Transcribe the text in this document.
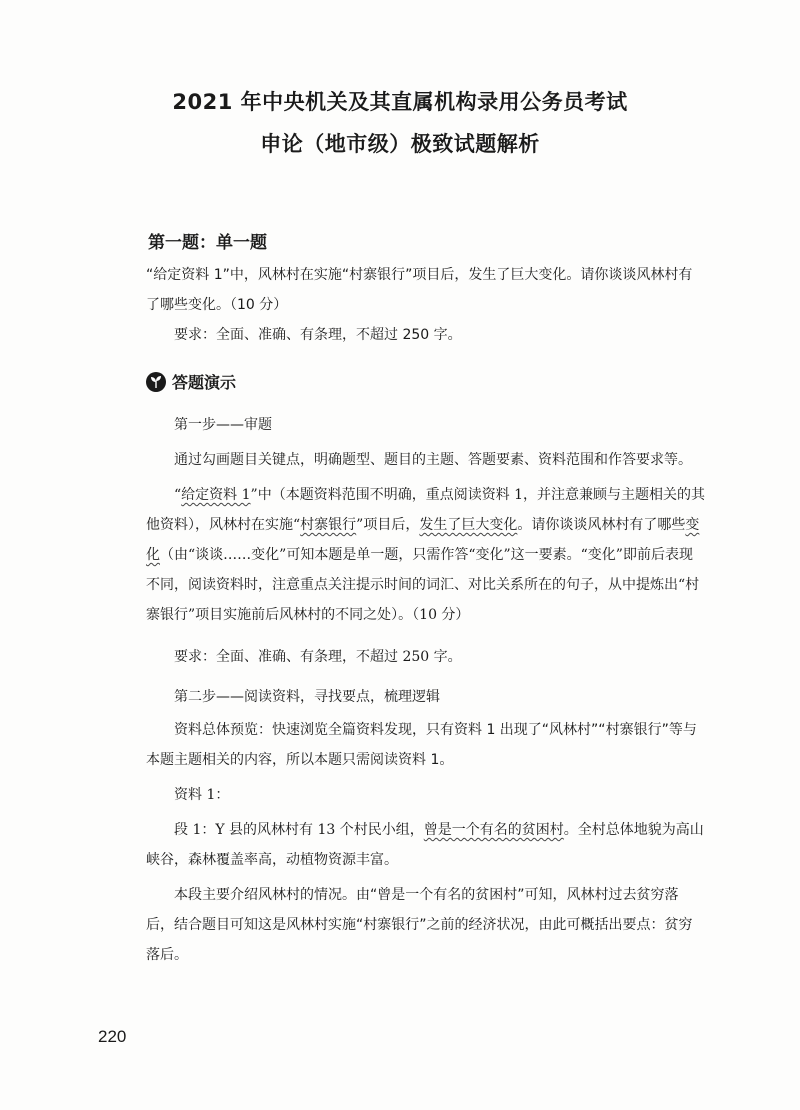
2021 年中央机关及其直属机构录用公务员考试
申论（地市级）极致试题解析
第一题：单一题
“给定资料 1”中，风林村在实施“村寨银行”项目后，发生了巨大变化。请你谈谈风林村有了哪些变化。（10 分）
要求：全面、准确、有条理，不超过 250 字。
答题演示
第一步——审题
通过勾画题目关键点，明确题型、题目的主题、答题要素、资料范围和作答要求等。
“给定资料 1”中（本题资料范围不明确，重点阅读资料 1，并注意兼顾与主题相关的其他资料），风林村在实施“村寨银行”项目后，发生了巨大变化。请你谈谈风林村有了哪些变化（由“谈谈……变化”可知本题是单一题，只需作答“变化”这一要素。“变化”即前后表现不同，阅读资料时，注意重点关注提示时间的词汇、对比关系所在的句子，从中提炼出“村寨银行”项目实施前后风林村的不同之处）。（10 分）
要求：全面、准确、有条理，不超过 250 字。
第二步——阅读资料，寻找要点，梳理逻辑
资料总体预览：快速浏览全篇资料发现，只有资料 1 出现了“风林村”“村寨银行”等与本题主题相关的内容，所以本题只需阅读资料 1。
资料 1：
段 1：Y 县的风林村有 13 个村民小组，曾是一个有名的贫困村。全村总体地貌为高山峡谷，森林覆盖率高，动植物资源丰富。
本段主要介绍风林村的情况。由“曾是一个有名的贫困村”可知，风林村过去贫穷落后，结合题目可知这是风林村实施“村寨银行”之前的经济状况，由此可概括出要点：贫穷落后。
220
